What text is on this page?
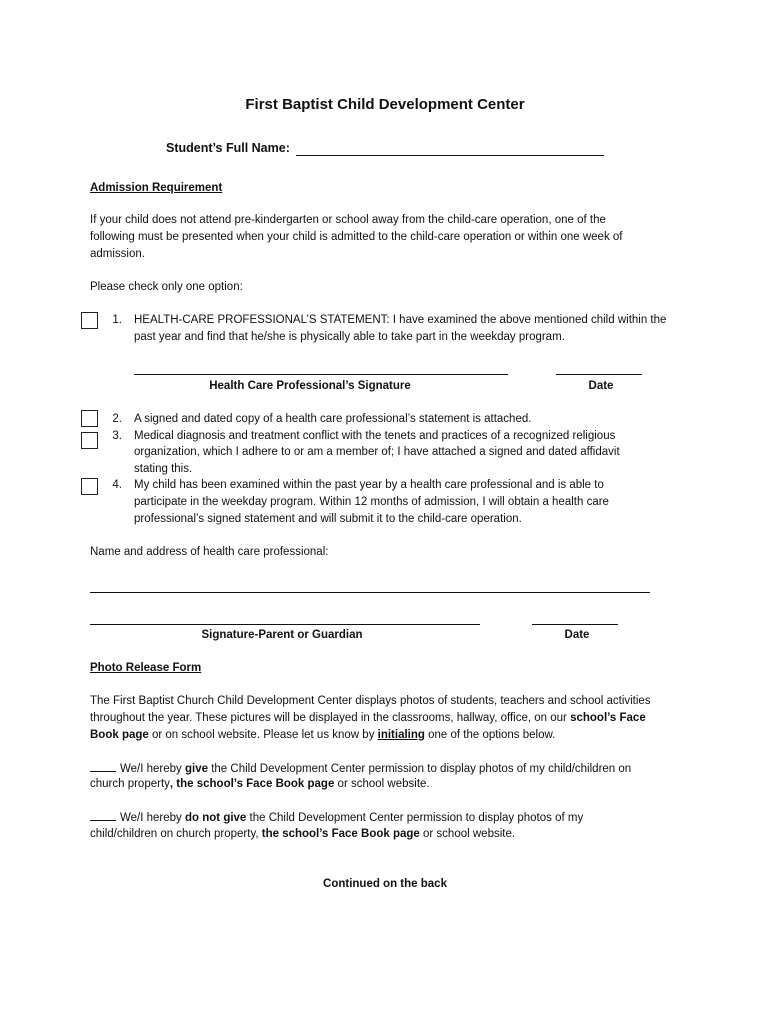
First Baptist Child Development Center
Student’s Full Name:
Admission Requirement
If your child does not attend pre-kindergarten or school away from the child-care operation, one of the
following must be presented when your child is admitted to the child-care operation or within one week of
admission.
Please check only one option:
1. HEALTH-CARE PROFESSIONAL’S STATEMENT: I have examined the above mentioned child within the
past year and find that he/she is physically able to take part in the weekday program.
Health Care Professional’s Signature	Date
2. A signed and dated copy of a health care professional’s statement is attached.
3. Medical diagnosis and treatment conflict with the tenets and practices of a recognized religious
organization, which I adhere to or am a member of; I have attached a signed and dated affidavit
stating this.
4. My child has been examined within the past year by a health care professional and is able to
participate in the weekday program. Within 12 months of admission, I will obtain a health care
professional’s signed statement and will submit it to the child-care operation.
Name and address of health care professional:
Signature-Parent or Guardian	Date
Photo Release Form
The First Baptist Church Child Development Center displays photos of students, teachers and school activities
throughout the year. These pictures will be displayed in the classrooms, hallway, office, on our school’s Face
Book page or on school website. Please let us know by initialing one of the options below.
We/I hereby give the Child Development Center permission to display photos of my child/children on
church property, the school’s Face Book page or school website.
We/I hereby do not give the Child Development Center permission to display photos of my
child/children on church property, the school’s Face Book page or school website.
Continued on the back
